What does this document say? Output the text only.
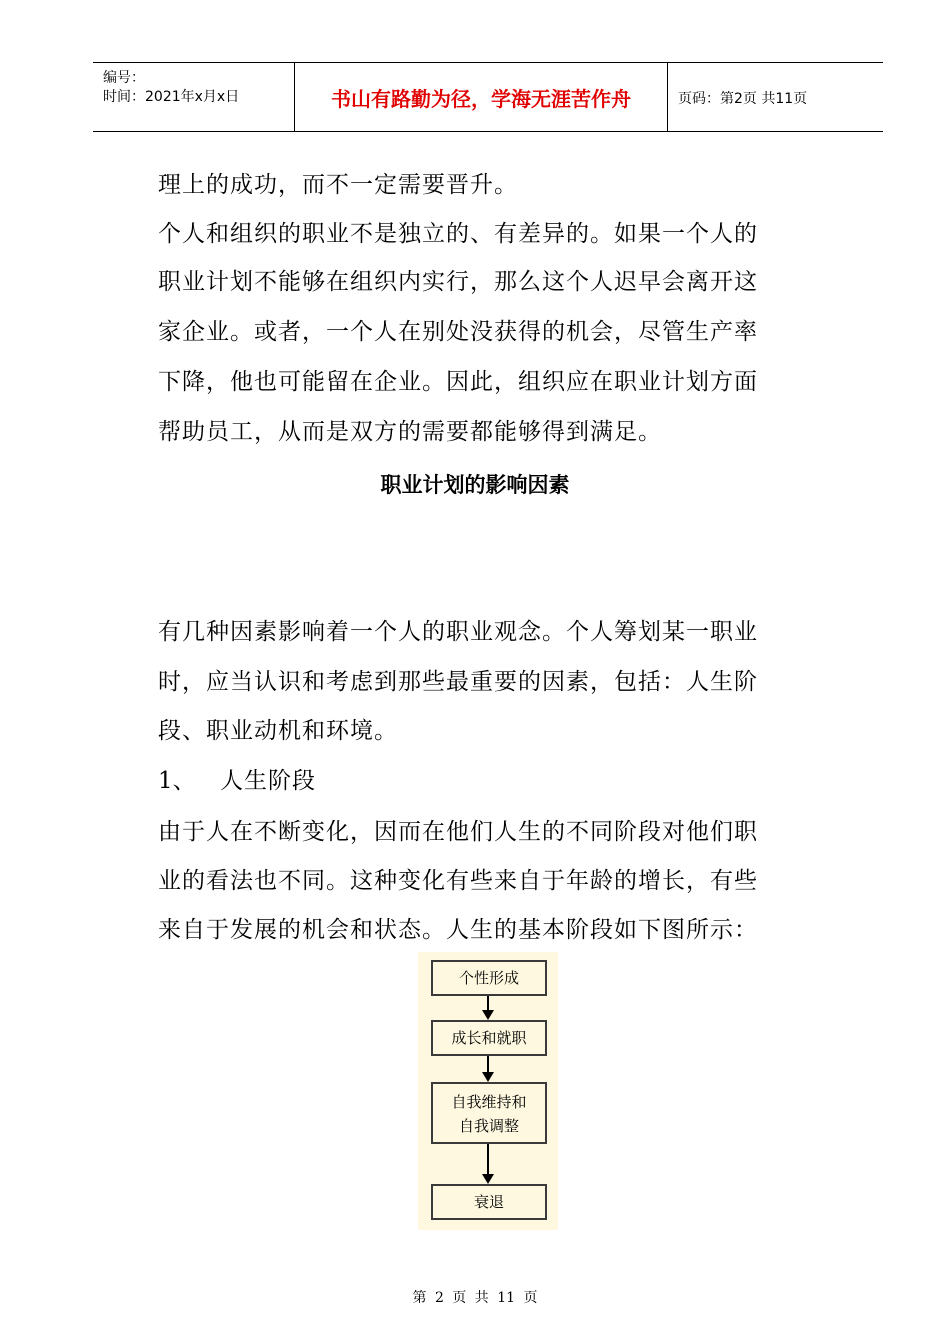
编号：
时间：2021年x月x日	书山有路勤为径，学海无涯苦作舟	页码：第2页 共11页
理上的成功，而不一定需要晋升。
个人和组织的职业不是独立的、有差异的。如果一个人的
职业计划不能够在组织内实行，那么这个人迟早会离开这
家企业。或者，一个人在别处没获得的机会，尽管生产率
下降，他也可能留在企业。因此，组织应在职业计划方面
帮助员工，从而是双方的需要都能够得到满足。
职业计划的影响因素
有几种因素影响着一个人的职业观念。个人筹划某一职业
时，应当认识和考虑到那些最重要的因素，包括：人生阶
段、职业动机和环境。
1、 人生阶段
由于人在不断变化，因而在他们人生的不同阶段对他们职
业的看法也不同。这种变化有些来自于年龄的增长，有些
来自于发展的机会和状态。人生的基本阶段如下图所示：
个性形成
成长和就职
自我维持和
自我调整
衰退
第 2 页 共 11 页
